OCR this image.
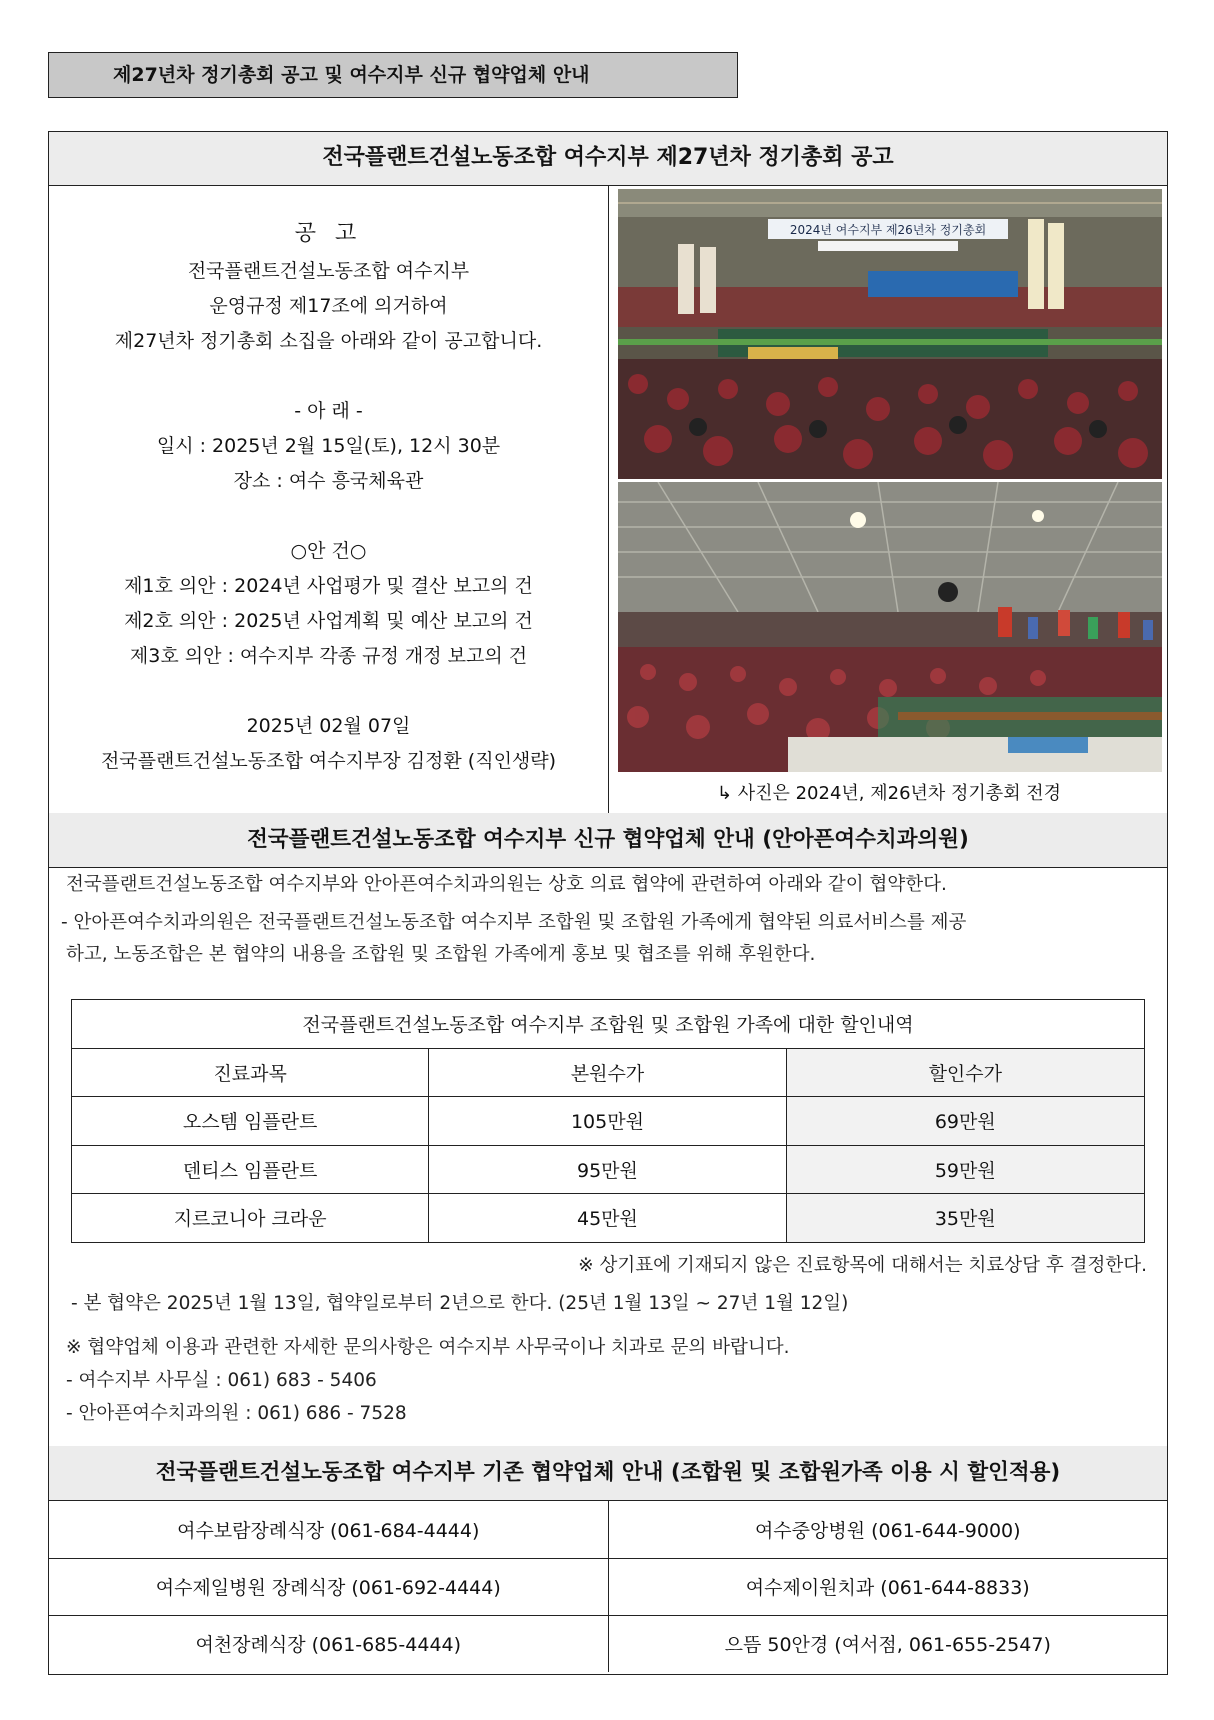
제27년차 정기총회 공고 및 여수지부 신규 협약업체 안내
전국플랜트건설노동조합 여수지부 제27년차 정기총회 공고
공 고
전국플랜트건설노동조합 여수지부
운영규정 제17조에 의거하여
제27년차 정기총회 소집을 아래와 같이 공고합니다.
- 아 래 -
일시 : 2025년 2월 15일(토), 12시 30분
장소 : 여수 흥국체육관
○안 건○
제1호 의안 : 2024년 사업평가 및 결산 보고의 건
제2호 의안 : 2025년 사업계획 및 예산 보고의 건
제3호 의안 : 여수지부 각종 규정 개정 보고의 건
2025년 02월 07일
전국플랜트건설노동조합 여수지부장 김정환 (직인생략)
2024년 여수지부 제26년차 정기총회
↳ 사진은 2024년, 제26년차 정기총회 전경
전국플랜트건설노동조합 여수지부 신규 협약업체 안내 (안아픈여수치과의원)

전국플랜트건설노동조합 여수지부와 안아픈여수치과의원는 상호 의료 협약에 관련하여 아래와 같이 협약한다.

- 안아픈여수치과의원은 전국플랜트건설노동조합 여수지부 조합원 및 조합원 가족에게 협약된 의료서비스를 제공

하고, 노동조합은 본 협약의 내용을 조합원 및 조합원 가족에게 홍보 및 협조를 위해 후원한다.

전국플랜트건설노동조합 여수지부 조합원 및 조합원 가족에 대한 할인내역		
진료과목	본원수가	할인수가
오스템 임플란트	105만원	69만원
덴티스 임플란트	95만원	59만원
지르코니아 크라운	45만원	35만원

※ 상기표에 기재되지 않은 진료항목에 대해서는 치료상담 후 결정한다.

- 본 협약은 2025년 1월 13일, 협약일로부터 2년으로 한다. (25년 1월 13일 ~ 27년 1월 12일)

※ 협약업체 이용과 관련한 자세한 문의사항은 여수지부 사무국이나 치과로 문의 바랍니다.

- 여수지부 사무실 : 061) 683 - 5406

- 안아픈여수치과의원 : 061) 686 - 7528

전국플랜트건설노동조합 여수지부 기존 협약업체 안내 (조합원 및 조합원가족 이용 시 할인적용)
여수보람장례식장 (061-684-4444)	여수중앙병원 (061-644-9000)
여수제일병원 장례식장 (061-692-4444)	여수제이원치과 (061-644-8833)
여천장례식장 (061-685-4444)	으뜸 50안경 (여서점, 061-655-2547)
